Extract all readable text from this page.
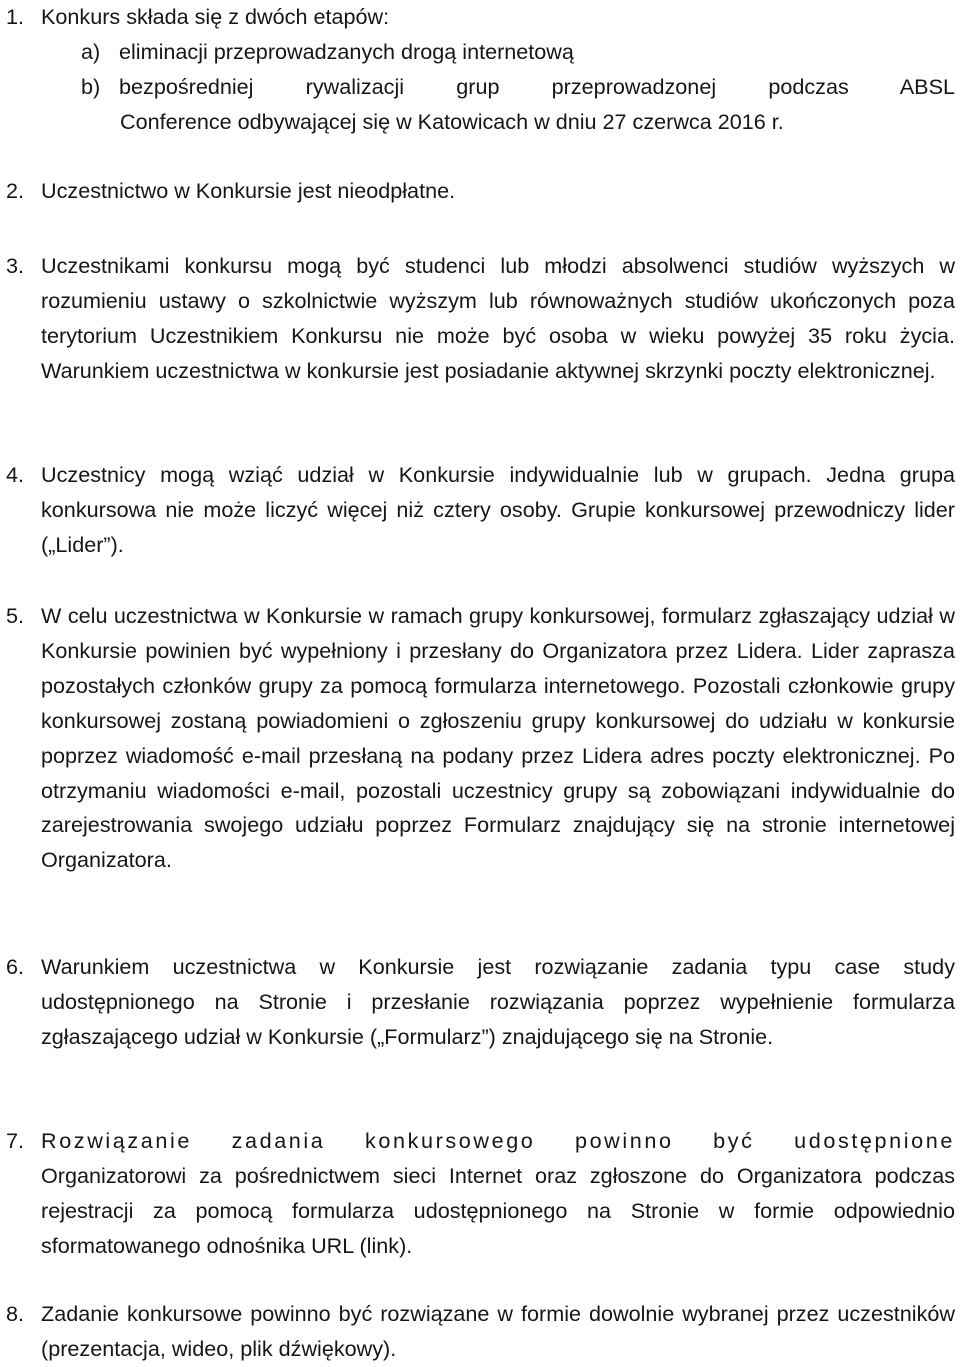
1. Konkurs składa się z dwóch etapów:
a) eliminacji przeprowadzanych drogą internetową
b) bezpośredniej rywalizacji grup przeprowadzonej podczas ABSL
Conference odbywającej się w Katowicach w dniu 27 czerwca 2016 r.
2. Uczestnictwo w Konkursie jest nieodpłatne.
3. Uczestnikami konkursu mogą być studenci lub młodzi absolwenci studiów wyższych w rozumieniu ustawy o szkolnictwie wyższym lub równoważnych studiów ukończonych poza terytorium Uczestnikiem Konkursu nie może być osoba w wieku powyżej 35 roku życia. Warunkiem uczestnictwa w konkursie jest posiadanie aktywnej skrzynki poczty elektronicznej.
4. Uczestnicy mogą wziąć udział w Konkursie indywidualnie lub w grupach. Jedna grupa konkursowa nie może liczyć więcej niż cztery osoby. Grupie konkursowej przewodniczy lider („Lider”).
5. W celu uczestnictwa w Konkursie w ramach grupy konkursowej, formularz zgłaszający udział w Konkursie powinien być wypełniony i przesłany do Organizatora przez Lidera. Lider zaprasza pozostałych członków grupy za pomocą formularza internetowego. Pozostali członkowie grupy konkursowej zostaną powiadomieni o zgłoszeniu grupy konkursowej do udziału w konkursie poprzez wiadomość e-mail przesłaną na podany przez Lidera adres poczty elektronicznej. Po otrzymaniu wiadomości e-mail, pozostali uczestnicy grupy są zobowiązani indywidualnie do zarejestrowania swojego udziału poprzez Formularz znajdujący się na stronie internetowej Organizatora.
6. Warunkiem uczestnictwa w Konkursie jest rozwiązanie zadania typu case study udostępnionego na Stronie i przesłanie rozwiązania poprzez wypełnienie formularza zgłaszającego udział w Konkursie („Formularz”) znajdującego się na Stronie.
7. Rozwiązanie zadania konkursowego powinno być udostępnione
Organizatorowi za pośrednictwem sieci Internet oraz zgłoszone do Organizatora podczas rejestracji za pomocą formularza udostępnionego na Stronie w formie odpowiednio sformatowanego odnośnika URL (link).
8. Zadanie konkursowe powinno być rozwiązane w formie dowolnie wybranej przez uczestników (prezentacja, wideo, plik dźwiękowy).
